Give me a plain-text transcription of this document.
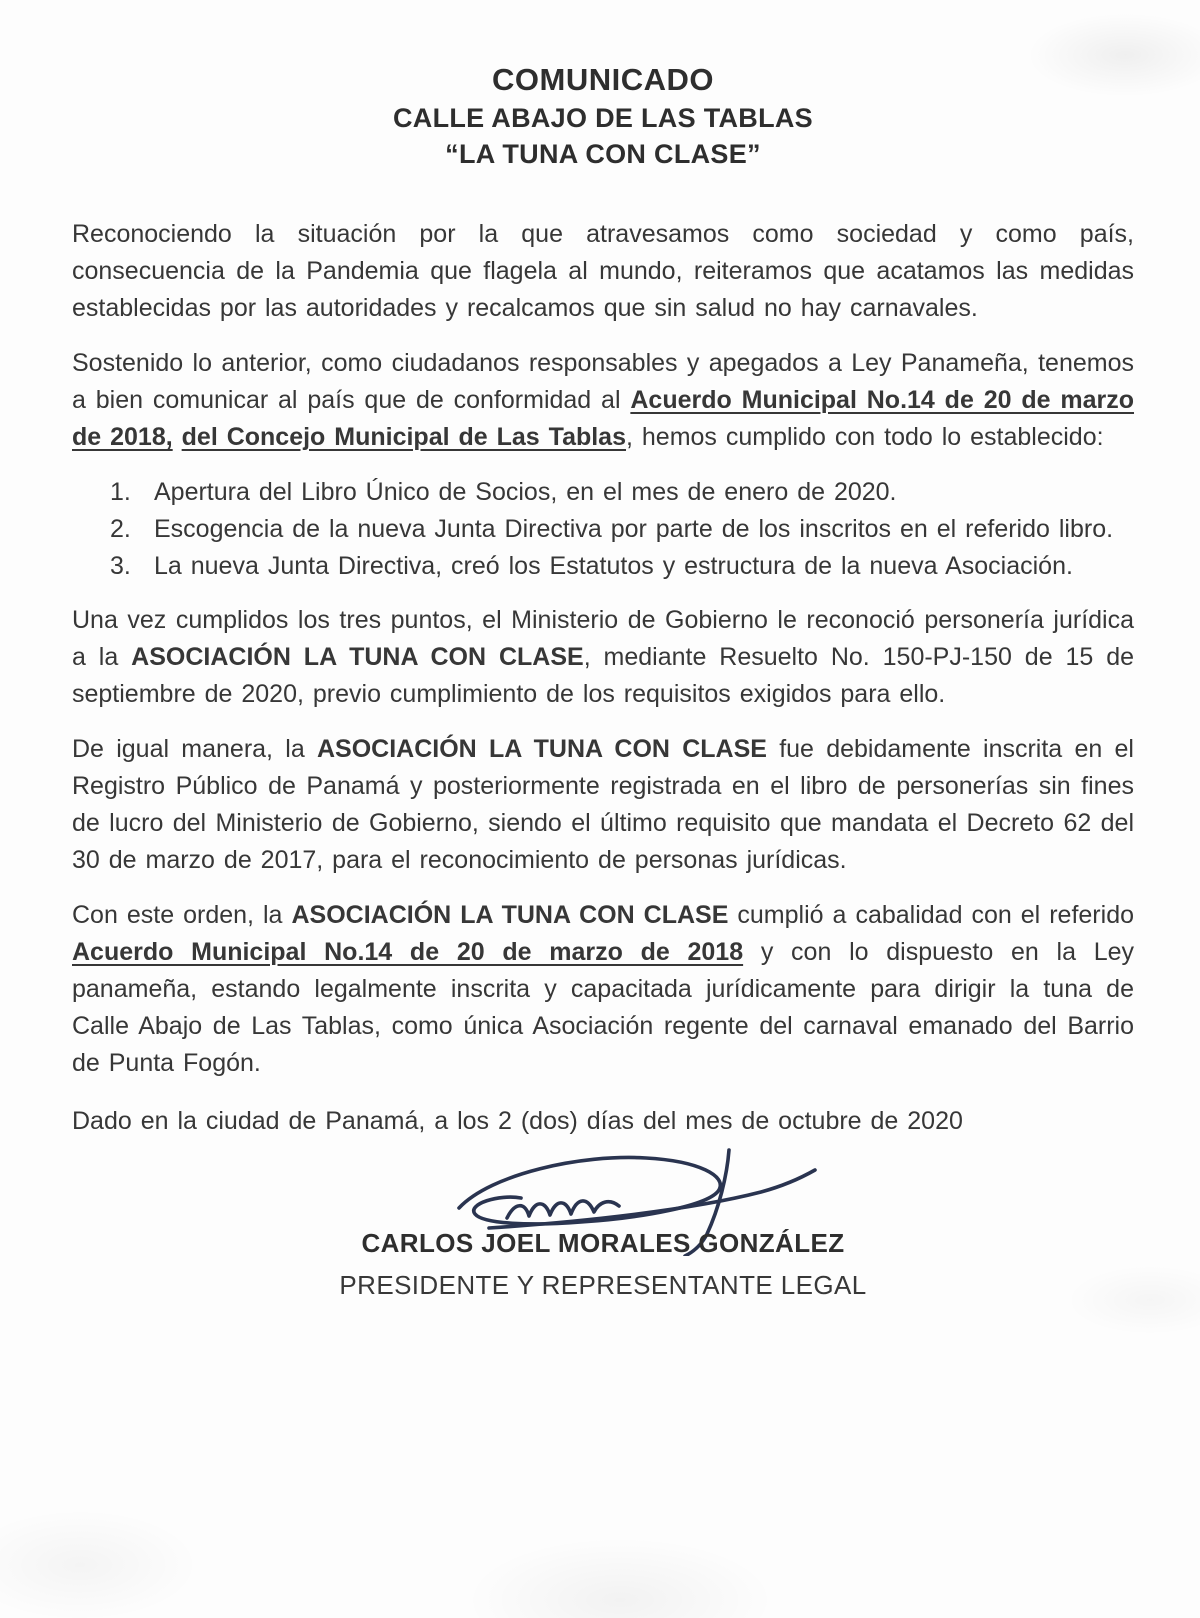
COMUNICADO
CALLE ABAJO DE LAS TABLAS
“LA TUNA CON CLASE”

Reconociendo la situación por la que atravesamos como sociedad y como país, consecuencia de la Pandemia que flagela al mundo, reiteramos que acatamos las medidas establecidas por las autoridades y recalcamos que sin salud no hay carnavales.

Sostenido lo anterior, como ciudadanos responsables y apegados a Ley Panameña, tenemos a bien comunicar al país que de conformidad al Acuerdo Municipal No.14 de 20 de marzo de 2018, del Concejo Municipal de Las Tablas, hemos cumplido con todo lo establecido:

1. Apertura del Libro Único de Socios, en el mes de enero de 2020.
2. Escogencia de la nueva Junta Directiva por parte de los inscritos en el referido libro.
3. La nueva Junta Directiva, creó los Estatutos y estructura de la nueva Asociación.

Una vez cumplidos los tres puntos, el Ministerio de Gobierno le reconoció personería jurídica a la ASOCIACIÓN LA TUNA CON CLASE, mediante Resuelto No. 150-PJ-150 de 15 de septiembre de 2020, previo cumplimiento de los requisitos exigidos para ello.

De igual manera, la ASOCIACIÓN LA TUNA CON CLASE fue debidamente inscrita en el Registro Público de Panamá y posteriormente registrada en el libro de personerías sin fines de lucro del Ministerio de Gobierno, siendo el último requisito que mandata el Decreto 62 del 30 de marzo de 2017, para el reconocimiento de personas jurídicas.

Con este orden, la ASOCIACIÓN LA TUNA CON CLASE cumplió a cabalidad con el referido Acuerdo Municipal No.14 de 20 de marzo de 2018 y con lo dispuesto en la Ley panameña, estando legalmente inscrita y capacitada jurídicamente para dirigir la tuna de Calle Abajo de Las Tablas, como única Asociación regente del carnaval emanado del Barrio de Punta Fogón.

Dado en la ciudad de Panamá, a los 2 (dos) días del mes de octubre de 2020

CARLOS JOEL MORALES GONZÁLEZ
PRESIDENTE Y REPRESENTANTE LEGAL
